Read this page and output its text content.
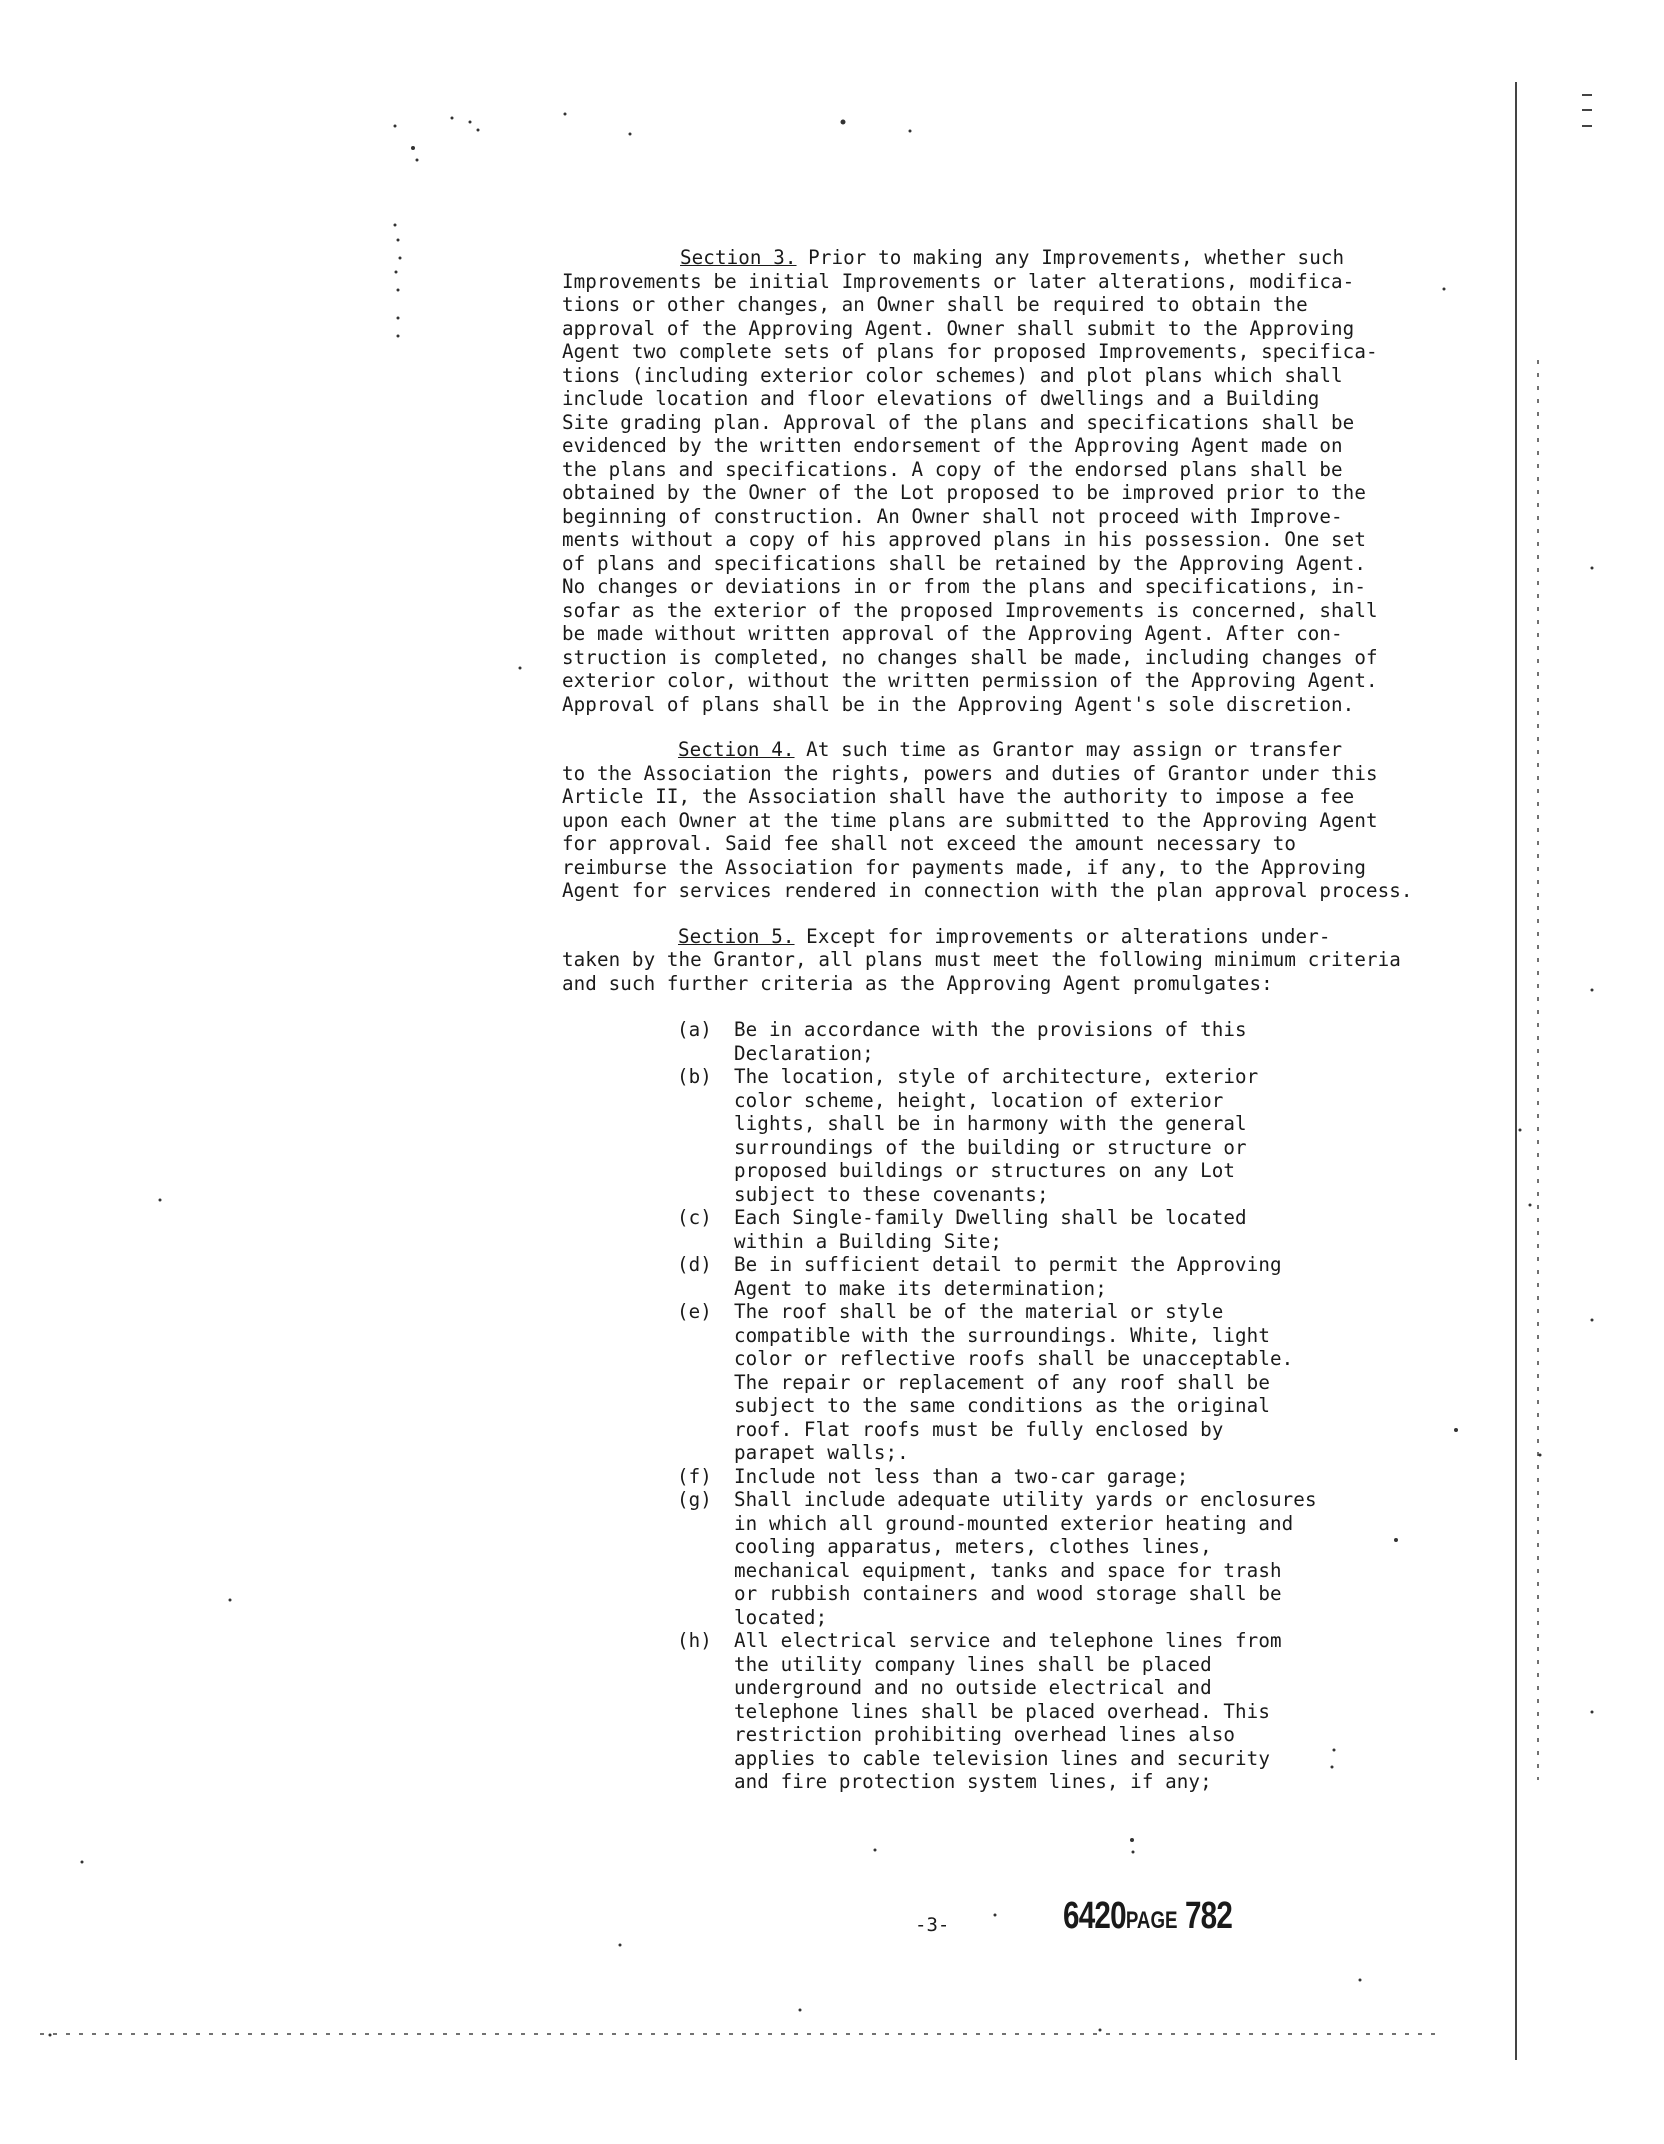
Section 3. Prior to making any Improvements, whether such
Improvements be initial Improvements or later alterations, modifica-
tions or other changes, an Owner shall be required to obtain the
approval of the Approving Agent. Owner shall submit to the Approving
Agent two complete sets of plans for proposed Improvements, specifica-
tions (including exterior color schemes) and plot plans which shall
include location and floor elevations of dwellings and a Building
Site grading plan. Approval of the plans and specifications shall be
evidenced by the written endorsement of the Approving Agent made on
the plans and specifications. A copy of the endorsed plans shall be
obtained by the Owner of the Lot proposed to be improved prior to the
beginning of construction. An Owner shall not proceed with Improve-
ments without a copy of his approved plans in his possession. One set
of plans and specifications shall be retained by the Approving Agent.
No changes or deviations in or from the plans and specifications, in-
sofar as the exterior of the proposed Improvements is concerned, shall
be made without written approval of the Approving Agent. After con-
struction is completed, no changes shall be made, including changes of
exterior color, without the written permission of the Approving Agent.
Approval of plans shall be in the Approving Agent's sole discretion.

Section 4. At such time as Grantor may assign or transfer
to the Association the rights, powers and duties of Grantor under this
Article II, the Association shall have the authority to impose a fee
upon each Owner at the time plans are submitted to the Approving Agent
for approval. Said fee shall not exceed the amount necessary to
reimburse the Association for payments made, if any, to the Approving
Agent for services rendered in connection with the plan approval process.

Section 5. Except for improvements or alterations under-
taken by the Grantor, all plans must meet the following minimum criteria
and such further criteria as the Approving Agent promulgates:

(a)	Be in accordance with the provisions of this
Declaration;
(b)	The location, style of architecture, exterior
color scheme, height, location of exterior
lights, shall be in harmony with the general
surroundings of the building or structure or
proposed buildings or structures on any Lot
subject to these covenants;
(c)	Each Single-family Dwelling shall be located
within a Building Site;
(d)	Be in sufficient detail to permit the Approving
Agent to make its determination;
(e)	The roof shall be of the material or style
compatible with the surroundings. White, light
color or reflective roofs shall be unacceptable.
The repair or replacement of any roof shall be
subject to the same conditions as the original
roof. Flat roofs must be fully enclosed by
parapet walls;.
(f)	Include not less than a two-car garage;
(g)	Shall include adequate utility yards or enclosures
in which all ground-mounted exterior heating and
cooling apparatus, meters, clothes lines,
mechanical equipment, tanks and space for trash
or rubbish containers and wood storage shall be
located;
(h)	All electrical service and telephone lines from
the utility company lines shall be placed
underground and no outside electrical and
telephone lines shall be placed overhead. This
restriction prohibiting overhead lines also
applies to cable television lines and security
and fire protection system lines, if any;
-3-	6420PAGE 782
